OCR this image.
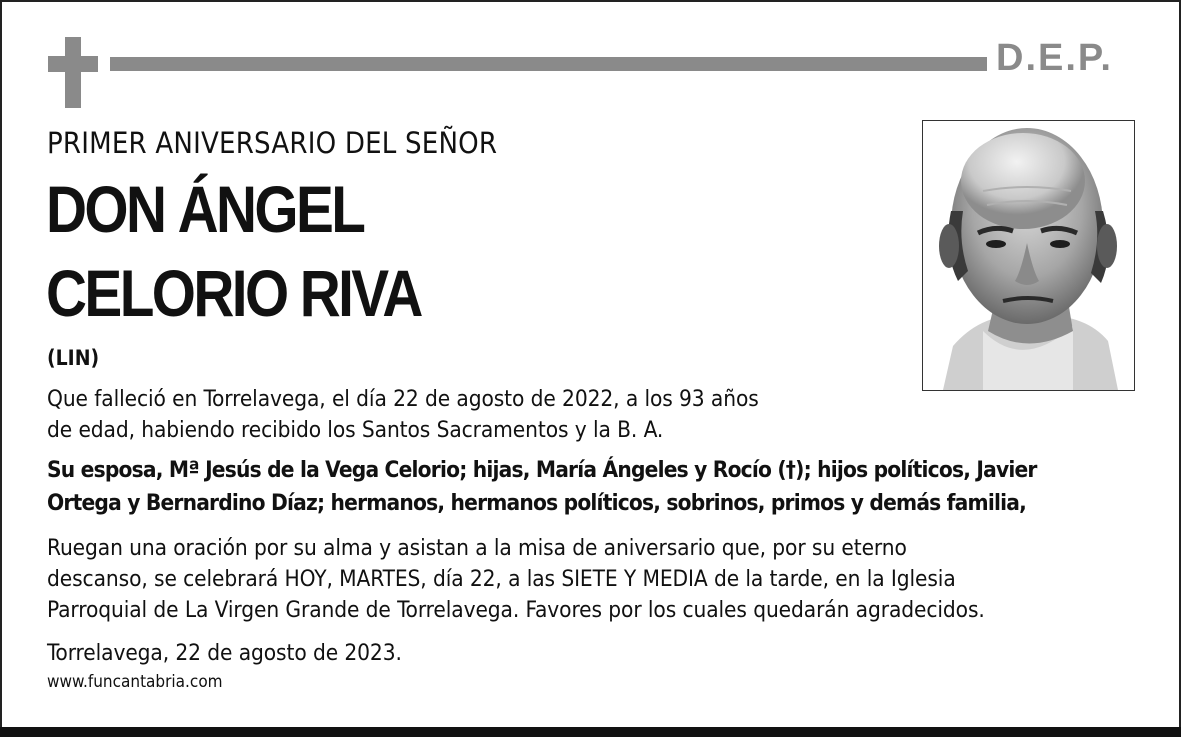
D.E.P.
PRIMER ANIVERSARIO DEL SEÑOR
DON ÁNGEL
CELORIO RIVA
(LIN)
Que falleció en Torrelavega, el día 22 de agosto de 2022, a los 93 años
de edad, habiendo recibido los Santos Sacramentos y la B. A.
Su esposa, Mª Jesús de la Vega Celorio; hijas, María Ángeles y Rocío (†); hijos políticos, Javier
Ortega y Bernardino Díaz; hermanos, hermanos políticos, sobrinos, primos y demás familia,
Ruegan una oración por su alma y asistan a la misa de aniversario que, por su eterno
descanso, se celebrará HOY, MARTES, día 22, a las SIETE Y MEDIA de la tarde, en la Iglesia
Parroquial de La Virgen Grande de Torrelavega. Favores por los cuales quedarán agradecidos.
Torrelavega, 22 de agosto de 2023.
www.funcantabria.com
